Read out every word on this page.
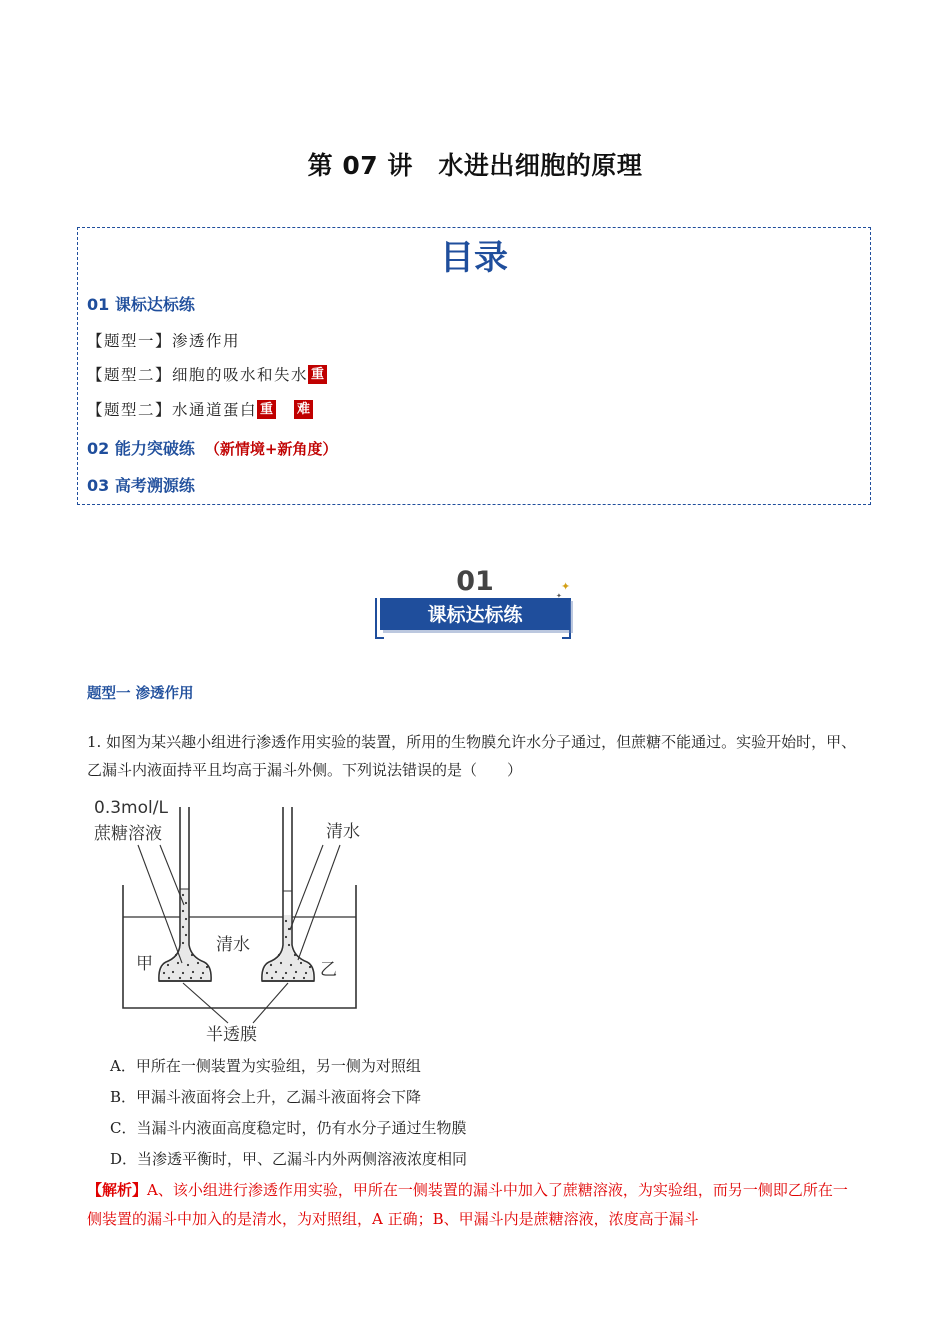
第 07 讲　水进出细胞的原理
目录
01 课标达标练
【题型一】渗透作用
【题型二】细胞的吸水和失水 重
【题型二】水通道蛋白 重 难
02 能力突破练 （新情境+新角度）
03 高考溯源练
01
课标达标练
✦
✦
题型一 渗透作用
1. 如图为某兴趣小组进行渗透作用实验的装置，所用的生物膜允许水分子通过，但蔗糖不能通过。实验开始时，甲、乙漏斗内液面持平且均高于漏斗外侧。下列说法错误的是（　　）
0.3mol/L
蔗糖溶液	清水
清水
甲	乙
半透膜
A．甲所在一侧装置为实验组，另一侧为对照组
B．甲漏斗液面将会上升，乙漏斗液面将会下降
C．当漏斗内液面高度稳定时，仍有水分子通过生物膜
D．当渗透平衡时，甲、乙漏斗内外两侧溶液浓度相同
【解析】A、该小组进行渗透作用实验，甲所在一侧装置的漏斗中加入了蔗糖溶液，为实验组，而另一侧即乙所在一侧装置的漏斗中加入的是清水，为对照组，A 正确；B、甲漏斗内是蔗糖溶液，浓度高于漏斗
